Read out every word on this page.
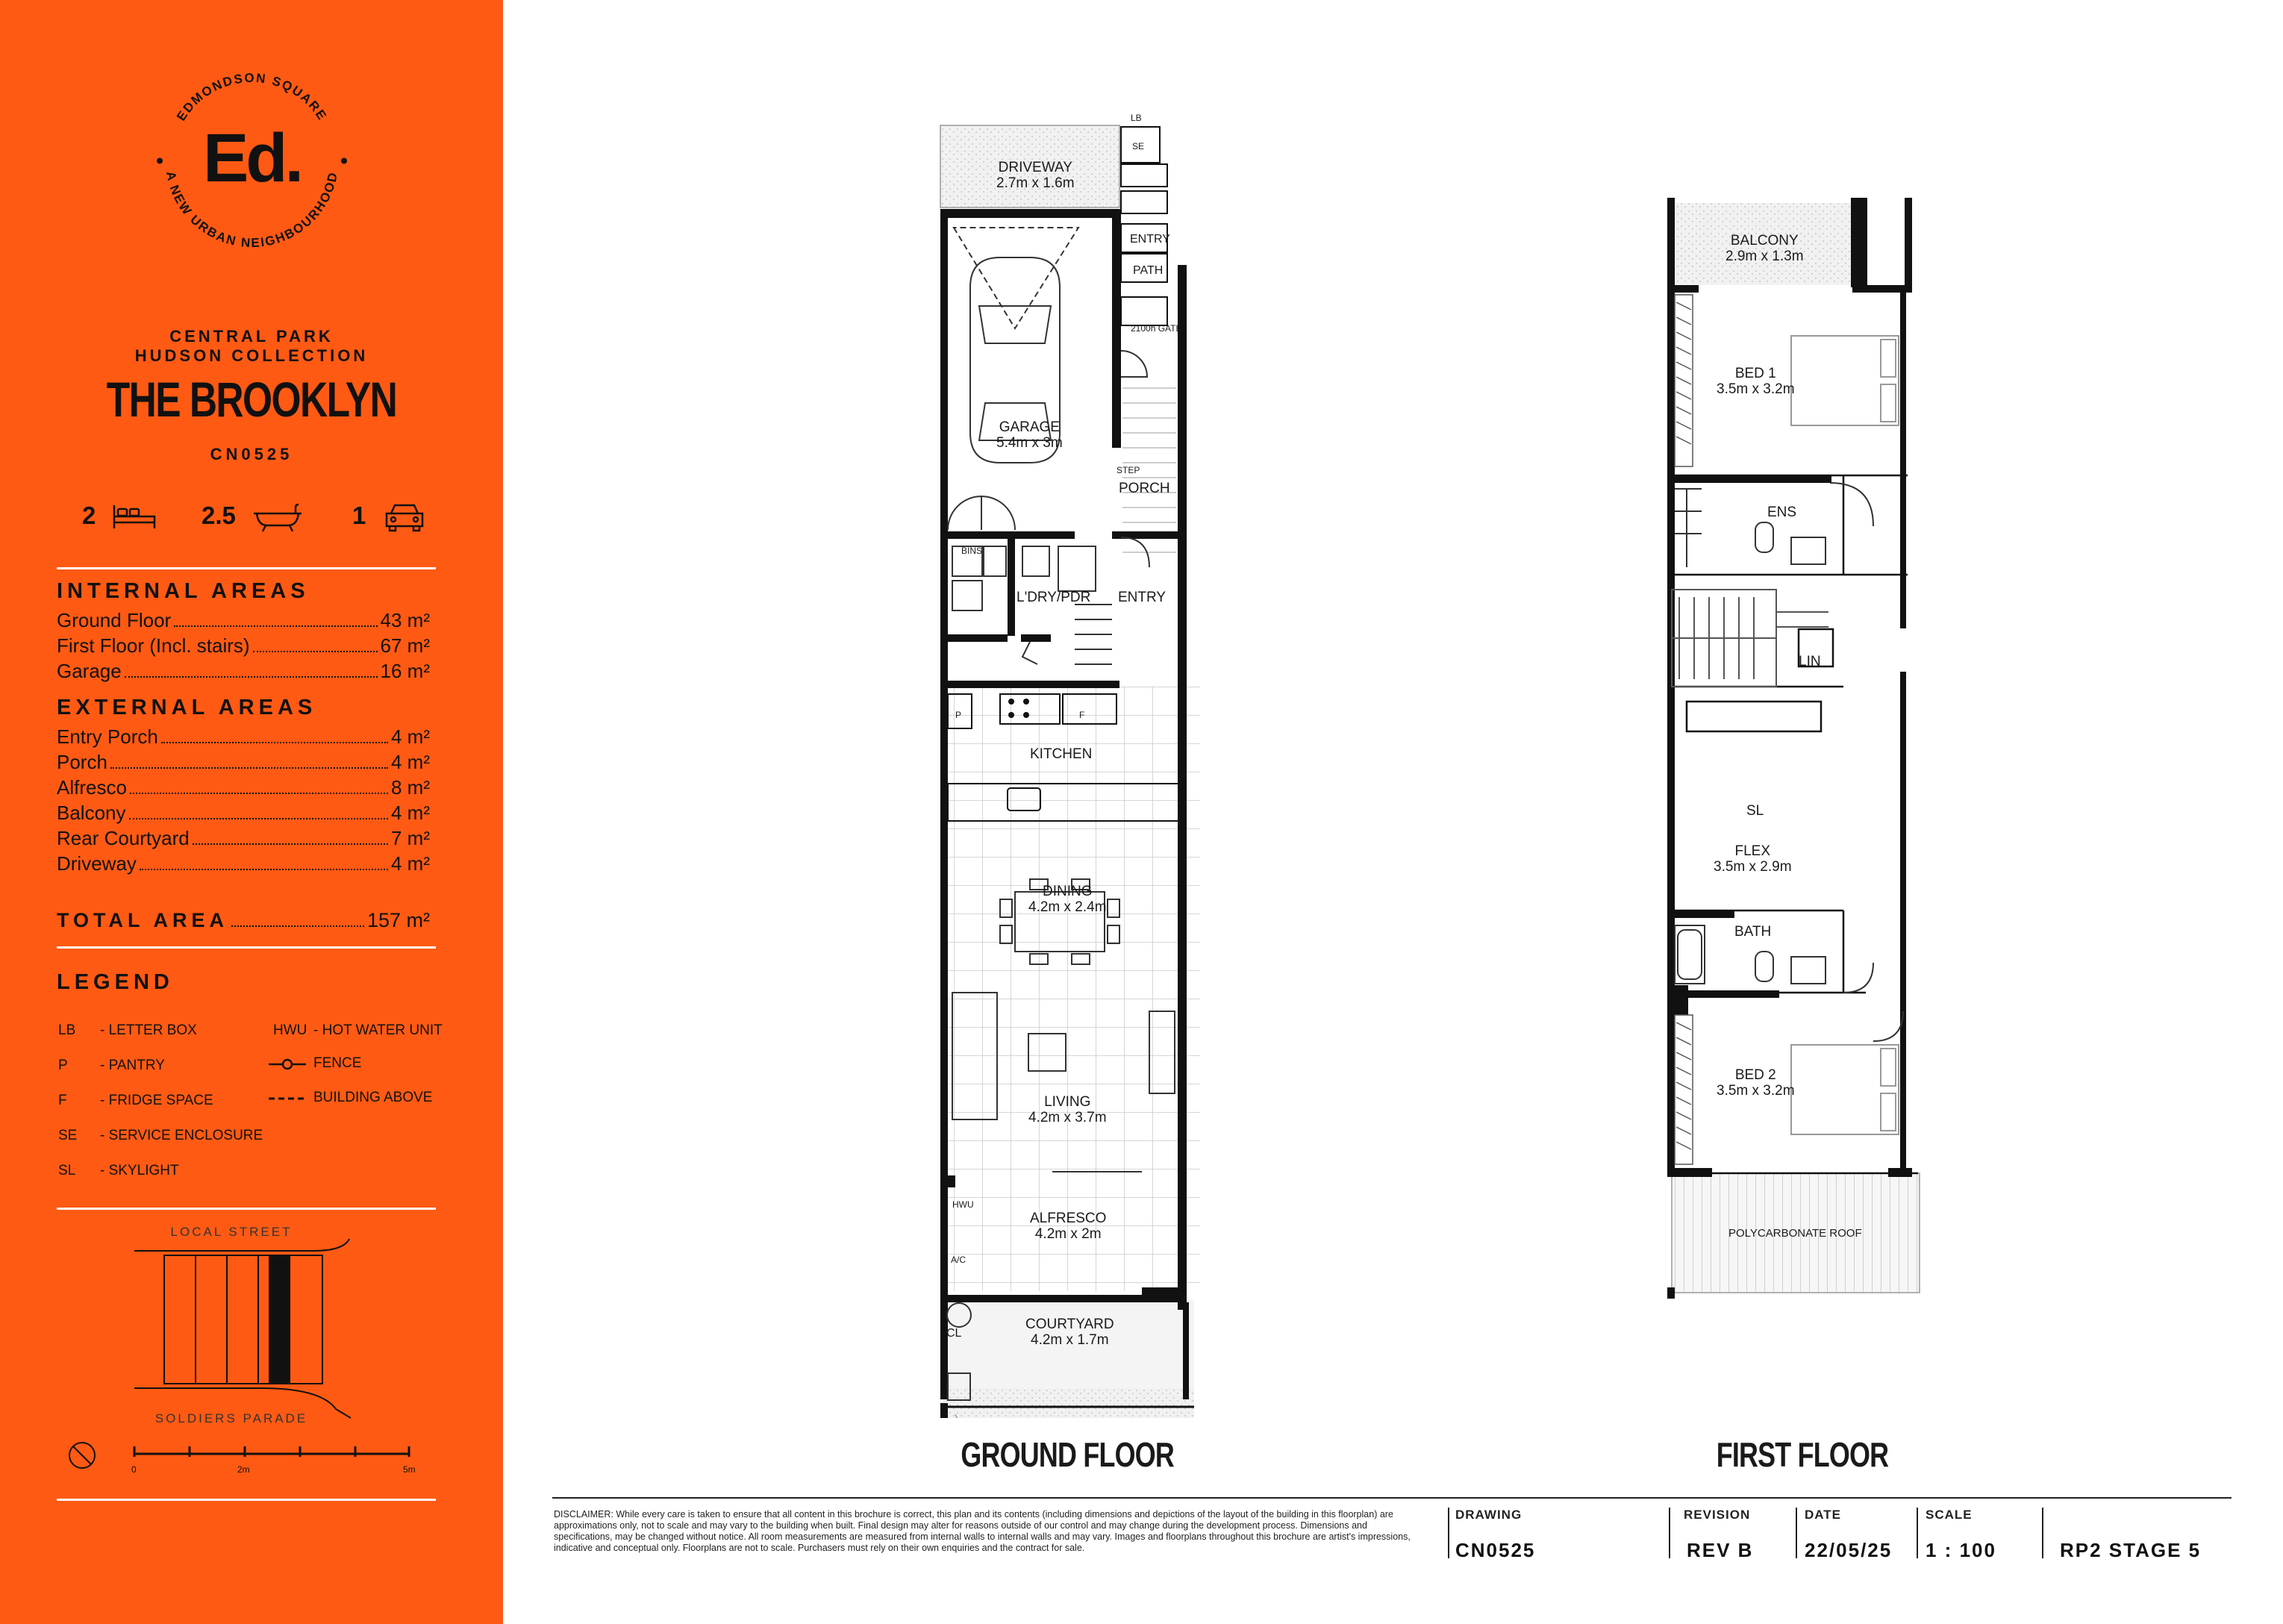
EDMONDSON SQUARE
A NEW URBAN NEIGHBOURHOOD
Ed.
CENTRAL PARK
HUDSON COLLECTION
THE BROOKLYN
CN0525
2	2.5	1
INTERNAL AREAS
Ground Floor	43 m²
First Floor (Incl. stairs)	67 m²
Garage	16 m²
EXTERNAL AREAS
Entry Porch	4 m²
Porch	4 m²
Alfresco	8 m²
Balcony	4 m²
Rear Courtyard	7 m²
Driveway	4 m²
TOTAL AREA	157 m²
LEGEND
LB - LETTER BOX
P - PANTRY
F - FRIDGE SPACE
SE - SERVICE ENCLOSURE
SL - SKYLIGHT
HWU - HOT WATER UNIT
FENCE
BUILDING ABOVE
LOCAL STREET
SOLDIERS PARADE
0	2m	5m
DRIVEWAY
2.7m x 1.6m
GARAGE
5.4m x 3m
ENTRY
PATH
2100h GATE
LB
SE
STEP
PORCH
BINS
L'DRY/PDR ENTRY
P	F
KITCHEN
DINING
4.2m x 2.4m
LIVING
4.2m x 3.7m
HWU
A/C
ALFRESCO
4.2m x 2m
CL
COURTYARD
4.2m x 1.7m
BALCONY
2.9m x 1.3m
BED 1
3.5m x 3.2m
ENS
LIN
SL
FLEX
3.5m x 2.9m
BATH
BED 2
3.5m x 3.2m
POLYCARBONATE ROOF
GROUND FLOOR	FIRST FLOOR
DISCLAIMER: While every care is taken to ensure that all content in this brochure is correct, this plan and its contents (including dimensions and depictions of the layout of the building in this floorplan) are approximations only, not to scale and may vary to the building when built. Final design may alter for reasons outside of our control and may change during the development process. Dimensions and specifications, may be changed without notice. All room measurements are measured from internal walls to internal walls and may vary. Images and floorplans throughout this brochure are artist's impressions, indicative and conceptual only. Floorplans are not to scale. Purchasers must rely on their own enquiries and the contract for sale.
DRAWING
CN0525
REVISION
REV B
DATE
22/05/25
SCALE
1 : 100	RP2 STAGE 5
